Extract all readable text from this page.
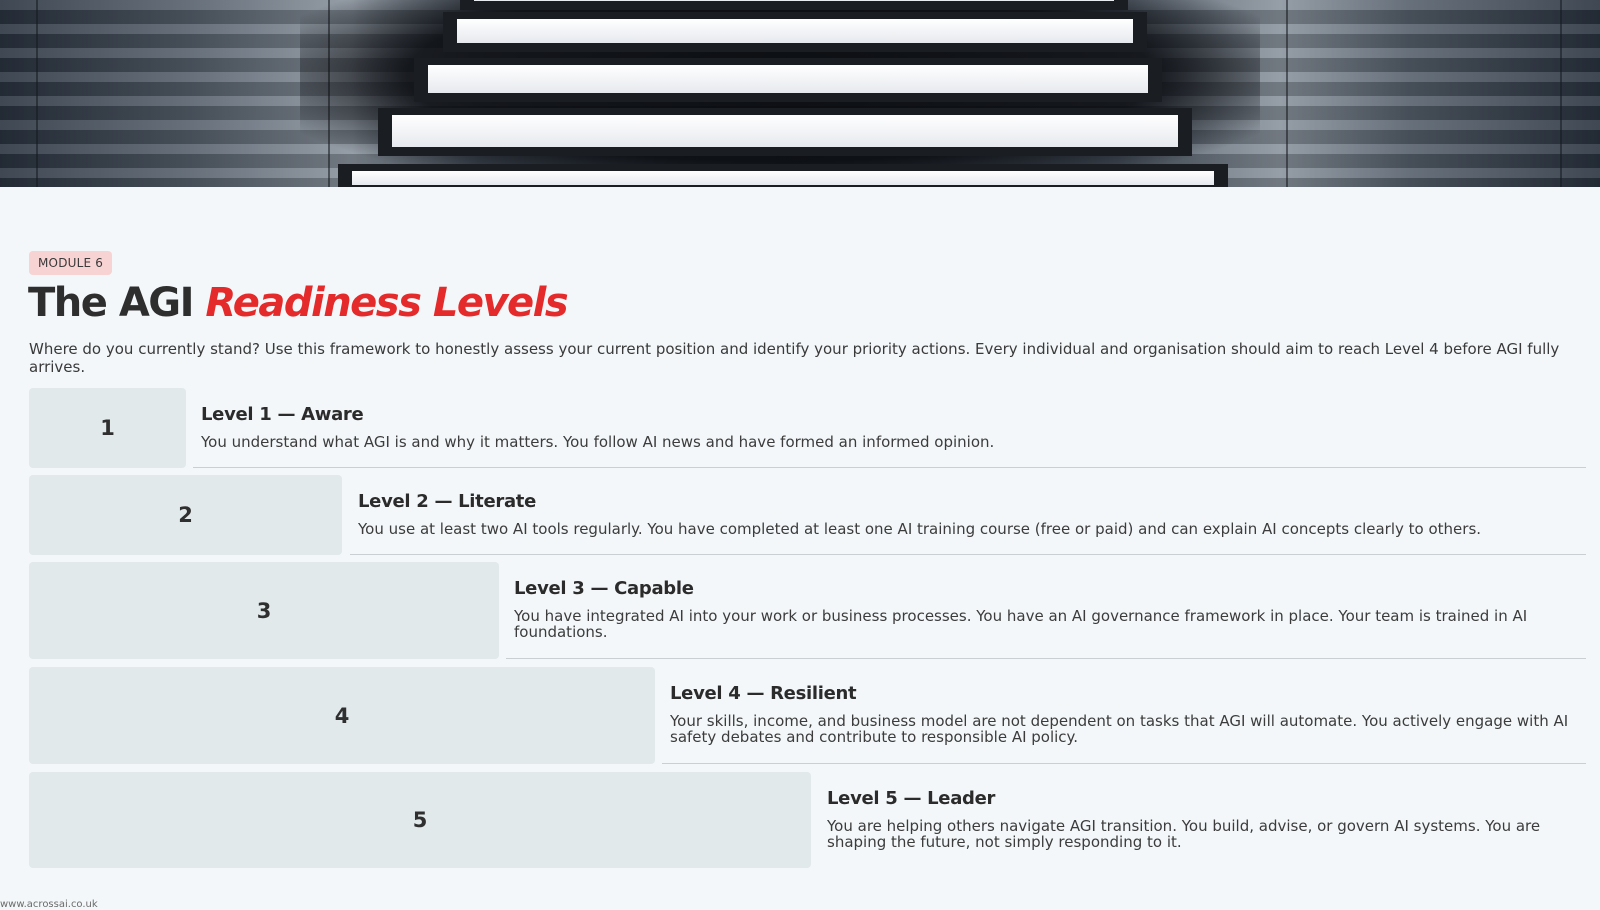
MODULE 6
The AGI Readiness Levels

Where do you currently stand? Use this framework to honestly assess your current position and identify your priority actions. Every individual and organisation should aim to reach Level 4 before AGI fully arrives.

1
Level 1 — Aware
You understand what AGI is and why it matters. You follow AI news and have formed an informed opinion.
2
Level 2 — Literate
You use at least two AI tools regularly. You have completed at least one AI training course (free or paid) and can explain AI concepts clearly to others.
3
Level 3 — Capable
You have integrated AI into your work or business processes. You have an AI governance framework in place. Your team is trained in AI foundations.
4
Level 4 — Resilient
Your skills, income, and business model are not dependent on tasks that AGI will automate. You actively engage with AI safety debates and contribute to responsible AI policy.
5
Level 5 — Leader
You are helping others navigate AGI transition. You build, advise, or govern AI systems. You are shaping the future, not simply responding to it.
www.acrossai.co.uk
